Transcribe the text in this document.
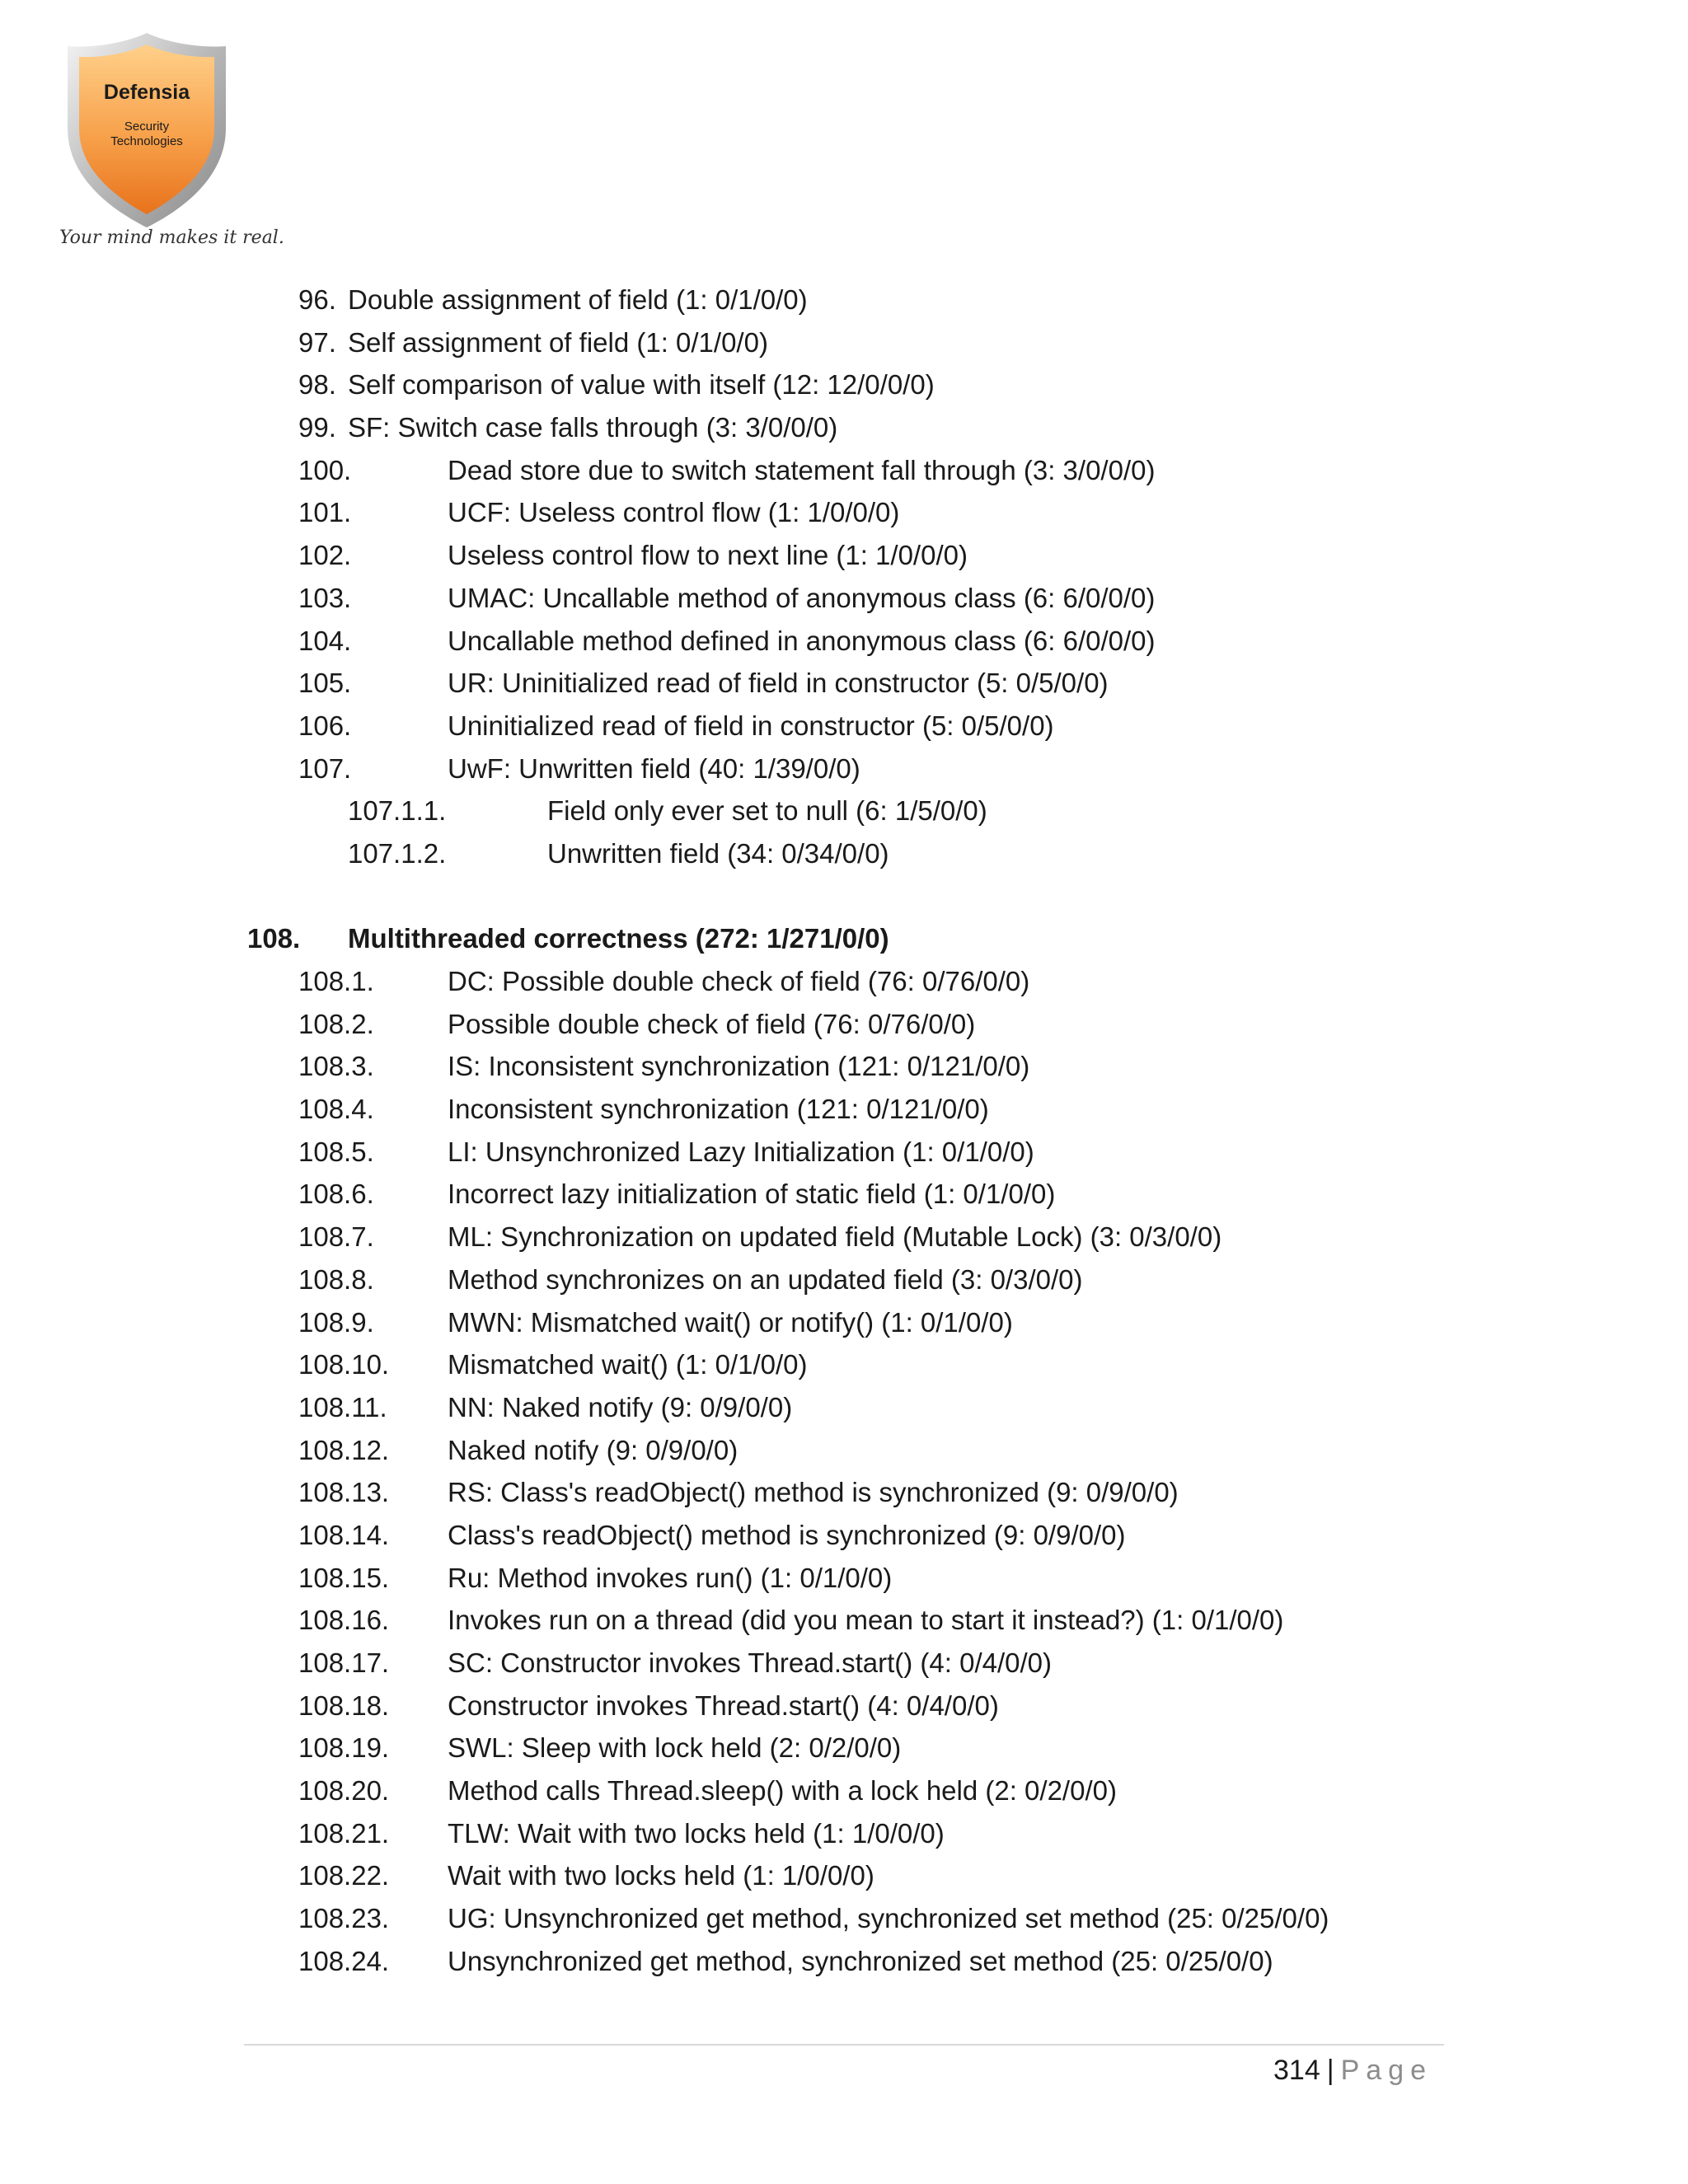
Defensia
Security
Technologies
Your mind makes it real.
96. Double assignment of field (1: 0/1/0/0)
97. Self assignment of field (1: 0/1/0/0)
98. Self comparison of value with itself (12: 12/0/0/0)
99. SF: Switch case falls through (3: 3/0/0/0)
100.	Dead store due to switch statement fall through (3: 3/0/0/0)
101.	UCF: Useless control flow (1: 1/0/0/0)
102.	Useless control flow to next line (1: 1/0/0/0)
103.	UMAC: Uncallable method of anonymous class (6: 6/0/0/0)
104.	Uncallable method defined in anonymous class (6: 6/0/0/0)
105.	UR: Uninitialized read of field in constructor (5: 0/5/0/0)
106.	Uninitialized read of field in constructor (5: 0/5/0/0)
107.	UwF: Unwritten field (40: 1/39/0/0)
107.1.1.	Field only ever set to null (6: 1/5/0/0)
107.1.2.	Unwritten field (34: 0/34/0/0)
108. Multithreaded correctness (272: 1/271/0/0)
108.1.	DC: Possible double check of field (76: 0/76/0/0)
108.2.	Possible double check of field (76: 0/76/0/0)
108.3.	IS: Inconsistent synchronization (121: 0/121/0/0)
108.4.	Inconsistent synchronization (121: 0/121/0/0)
108.5.	LI: Unsynchronized Lazy Initialization (1: 0/1/0/0)
108.6.	Incorrect lazy initialization of static field (1: 0/1/0/0)
108.7.	ML: Synchronization on updated field (Mutable Lock) (3: 0/3/0/0)
108.8.	Method synchronizes on an updated field (3: 0/3/0/0)
108.9.	MWN: Mismatched wait() or notify() (1: 0/1/0/0)
108.10. Mismatched wait() (1: 0/1/0/0)
108.11. NN: Naked notify (9: 0/9/0/0)
108.12. Naked notify (9: 0/9/0/0)
108.13. RS: Class's readObject() method is synchronized (9: 0/9/0/0)
108.14. Class's readObject() method is synchronized (9: 0/9/0/0)
108.15. Ru: Method invokes run() (1: 0/1/0/0)
108.16. Invokes run on a thread (did you mean to start it instead?) (1: 0/1/0/0)
108.17. SC: Constructor invokes Thread.start() (4: 0/4/0/0)
108.18. Constructor invokes Thread.start() (4: 0/4/0/0)
108.19. SWL: Sleep with lock held (2: 0/2/0/0)
108.20. Method calls Thread.sleep() with a lock held (2: 0/2/0/0)
108.21. TLW: Wait with two locks held (1: 1/0/0/0)
108.22. Wait with two locks held (1: 1/0/0/0)
108.23. UG: Unsynchronized get method, synchronized set method (25: 0/25/0/0)
108.24. Unsynchronized get method, synchronized set method (25: 0/25/0/0)
314 | Page
